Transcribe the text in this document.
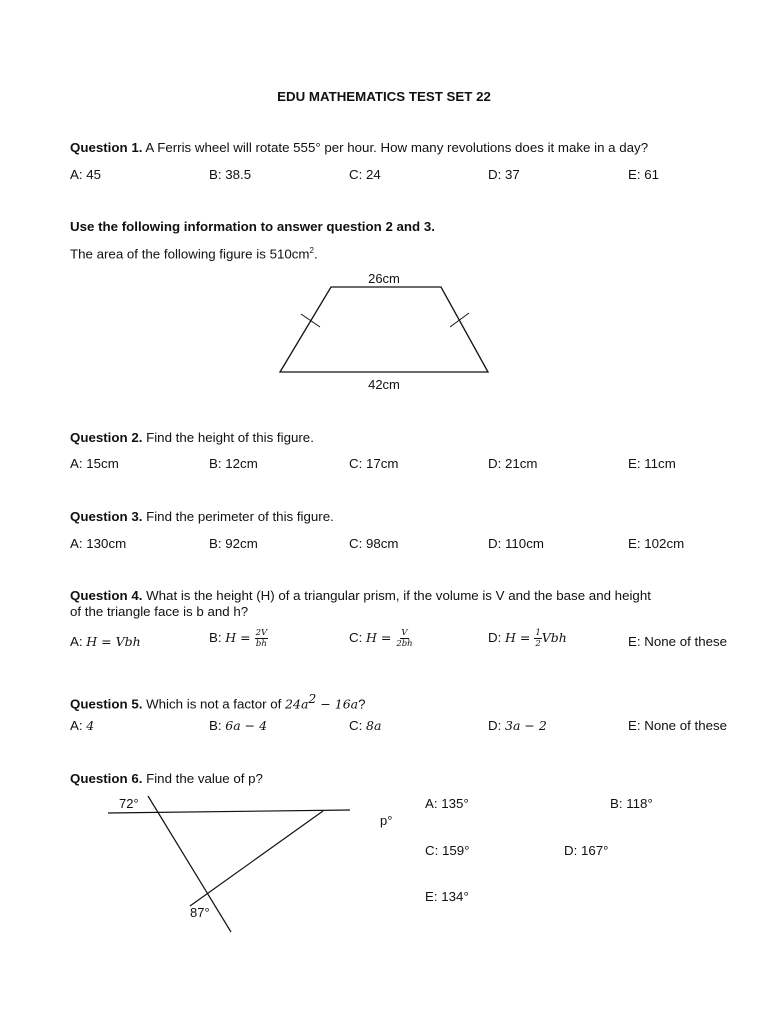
EDU MATHEMATICS TEST SET 22
Question 1. A Ferris wheel will rotate 555° per hour. How many revolutions does it make in a day?
A: 45	B: 38.5	C: 24	D: 37	E: 61
Use the following information to answer question 2 and 3.
The area of the following figure is $510cm^2$.
26cm
42cm
Question 2. Find the height of this figure.
A: 15cm	B: 12cm	C: 17cm	D: 21cm	E: 11cm
Question 3. Find the perimeter of this figure.
A: 130cm	B: 92cm	C: 98cm	D: 110cm	E: 102cm
Question 4. What is the height (H) of a triangular prism, if the volume is V and the base and height
of the triangle face is b and h?
A: H = Vbh	B: $H = \frac{2V}{bh}$	C: $H = \frac{V}{2bh}$	D: $H = \frac{1}{2}$ Vbh	E: None of these
Question 5. Which is not a factor of $24a^2 - 16a$?
A: 4	B: 6a − 4	C: 8a	D: 3a − 2	E: None of these
Question 6. Find the value of p?
72°
87°
p°
A: 135°	B: 118°
C: 159°	D: 167°
E: 134°
